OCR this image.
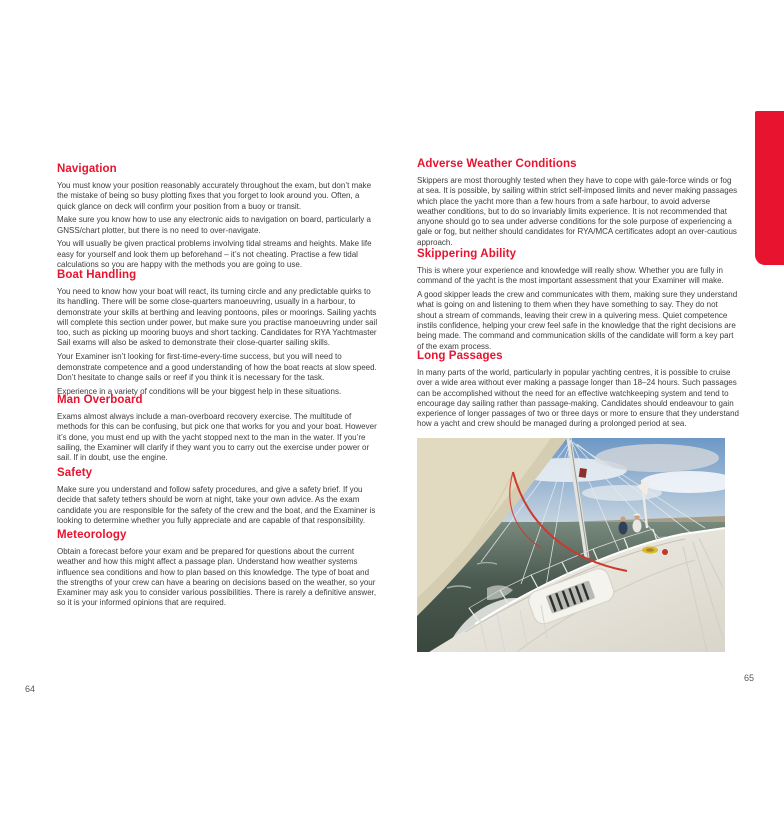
Navigation

You must know your position reasonably accurately throughout the exam, but don’t make the mistake of being so busy plotting fixes that you forget to look around you. Often, a quick glance on deck will confirm your position from a buoy or transit.

Make sure you know how to use any electronic aids to navigation on board, particularly a GNSS/chart plotter, but there is no need to over-navigate.

You will usually be given practical problems involving tidal streams and heights. Make life easy for yourself and look them up beforehand – it’s not cheating. Practise a few tidal calculations so you are happy with the methods you are going to use.

Boat Handling

You need to know how your boat will react, its turning circle and any predictable quirks to its handling. There will be some close-quarters manoeuvring, usually in a harbour, to demonstrate your skills at berthing and leaving pontoons, piles or moorings. Sailing yachts will complete this section under power, but make sure you practise manoeuvring under sail too, such as picking up mooring buoys and short tacking. Candidates for RYA Yachtmaster Sail exams will also be asked to demonstrate their close-quarter sailing skills.

Your Examiner isn’t looking for first-time-every-time success, but you will need to demonstrate competence and a good understanding of how the boat reacts at slow speed. Don’t hesitate to change sails or reef if you think it is necessary for the task.

Experience in a variety of conditions will be your biggest help in these situations.

Man Overboard

Exams almost always include a man-overboard recovery exercise. The multitude of methods for this can be confusing, but pick one that works for you and your boat. However it’s done, you must end up with the yacht stopped next to the man in the water. If you’re sailing, the Examiner will clarify if they want you to carry out the exercise under power or sail. If in doubt, use the engine.

Safety

Make sure you understand and follow safety procedures, and give a safety brief. If you decide that safety tethers should be worn at night, take your own advice. As the exam candidate you are responsible for the safety of the crew and the boat, and the Examiner is looking to determine whether you fully appreciate and are capable of that responsibility.

Meteorology

Obtain a forecast before your exam and be prepared for questions about the current weather and how this might affect a passage plan. Understand how weather systems influence sea conditions and how to plan based on this knowledge. The type of boat and the strengths of your crew can have a bearing on decisions based on the weather, so your Examiner may ask you to consider various possibilities. There is rarely a definitive answer, so it is your informed opinions that are required.

Adverse Weather Conditions

Skippers are most thoroughly tested when they have to cope with gale-force winds or fog at sea. It is possible, by sailing within strict self-imposed limits and never making passages which place the yacht more than a few hours from a safe harbour, to avoid adverse weather conditions, but to do so invariably limits experience. It is not recommended that anyone should go to sea under adverse conditions for the sole purpose of experiencing a gale or fog, but neither should candidates for RYA/MCA certificates adopt an over-cautious approach.

Skippering Ability

This is where your experience and knowledge will really show. Whether you are fully in command of the yacht is the most important assessment that your Examiner will make.

A good skipper leads the crew and communicates with them, making sure they understand what is going on and listening to them when they have something to say. They do not shout a stream of commands, leaving their crew in a quivering mess. Quiet competence instils confidence, helping your crew feel safe in the knowledge that the right decisions are being made. The command and communication skills of the candidate will form a key part of the exam process.

Long Passages

In many parts of the world, particularly in popular yachting centres, it is possible to cruise over a wide area without ever making a passage longer than 18–24 hours. Such passages can be accomplished without the need for an effective watchkeeping system and tend to encourage day sailing rather than passage-making. Candidates should endeavour to gain experience of longer passages of two or three days or more to ensure that they understand how a yacht and crew should be managed during a prolonged period at sea.

64
65
